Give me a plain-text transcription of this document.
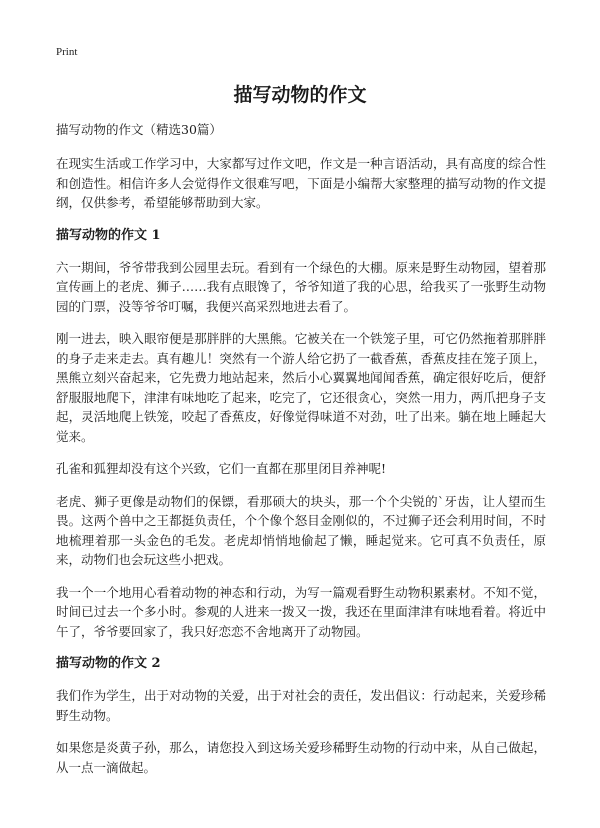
Print
描写动物的作文
描写动物的作文（精选30篇）

在现实生活或工作学习中，大家都写过作文吧，作文是一种言语活动，具有高度的综合性和创造性。相信许多人会觉得作文很难写吧，下面是小编帮大家整理的描写动物的作文提纲，仅供参考，希望能够帮助到大家。

描写动物的作文 1

六一期间，爷爷带我到公园里去玩。看到有一个绿色的大棚。原来是野生动物园，望着那宣传画上的老虎、狮子……我有点眼馋了，爷爷知道了我的心思，给我买了一张野生动物园的门票，没等爷爷叮嘱，我便兴高采烈地进去看了。

刚一进去，映入眼帘便是那胖胖的大黑熊。它被关在一个铁笼子里，可它仍然拖着那胖胖的身子走来走去。真有趣儿！突然有一个游人给它扔了一截香蕉，香蕉皮挂在笼子顶上，黑熊立刻兴奋起来，它先费力地站起来，然后小心翼翼地闻闻香蕉，确定很好吃后，便舒舒服服地爬下，津津有味地吃了起来，吃完了，它还很贪心，突然一用力，两爪把身子支起，灵活地爬上铁笼，咬起了香蕉皮，好像觉得味道不对劲，吐了出来。躺在地上睡起大觉来。

孔雀和狐狸却没有这个兴致，它们一直都在那里闭目养神呢!

老虎、狮子更像是动物们的保镖，看那硕大的块头，那一个个尖锐的`牙齿，让人望而生畏。这两个兽中之王都挺负责任，个个像个怒目金刚似的，不过狮子还会利用时间，不时地梳理着那一头金色的毛发。老虎却悄悄地偷起了懒，睡起觉来。它可真不负责任，原来，动物们也会玩这些小把戏。

我一个一个地用心看着动物的神态和行动，为写一篇观看野生动物积累素材。不知不觉，时间已过去一个多小时。参观的人进来一拨又一拨，我还在里面津津有味地看着。将近中午了，爷爷要回家了，我只好恋恋不舍地离开了动物园。

描写动物的作文 2

我们作为学生，出于对动物的关爱，出于对社会的责任，发出倡议：行动起来，关爱珍稀野生动物。

如果您是炎黄子孙，那么，请您投入到这场关爱珍稀野生动物的行动中来，从自己做起，从一点一滴做起。
